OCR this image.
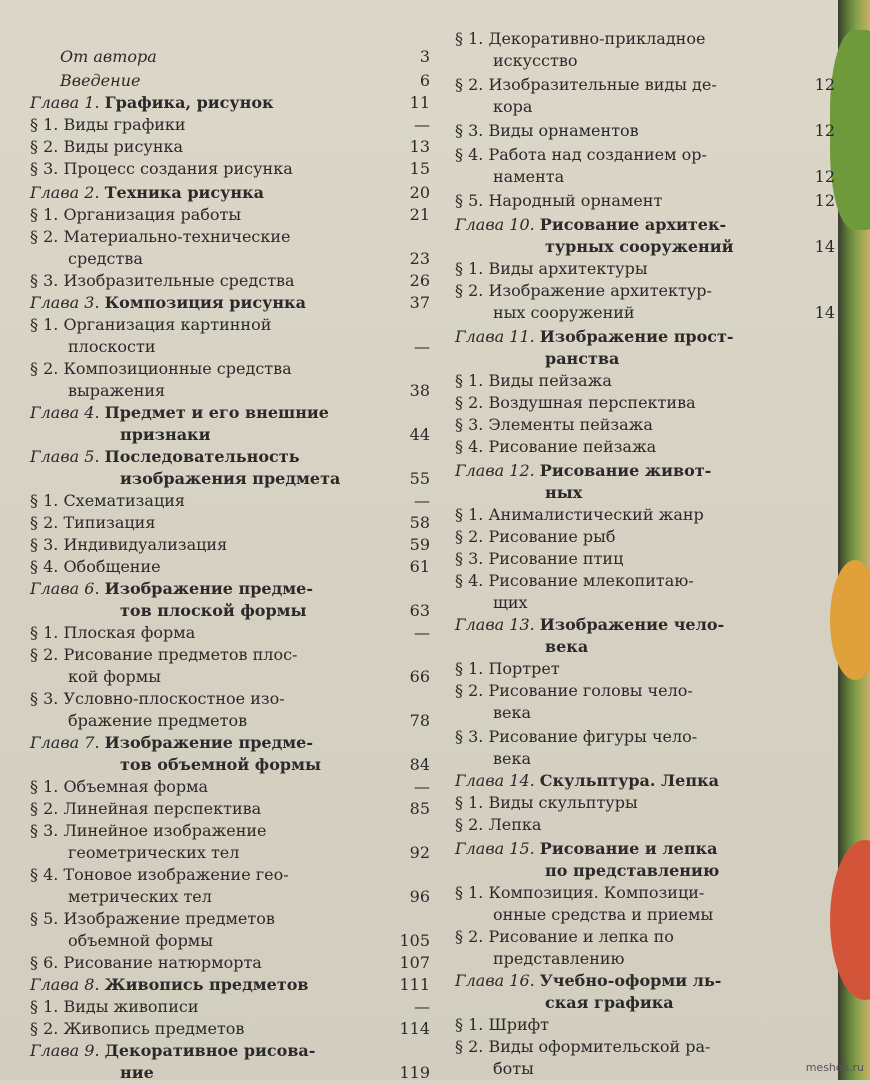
От автора	3
Введение	6
Глава 1. Графика, рисунок	11
§ 1. Виды графики	—
§ 2. Виды рисунка	13
§ 3. Процесс создания рисунка	15
Глава 2. Техника рисунка	20
§ 1. Организация работы	21
§ 2. Материально-технические
средства	23
§ 3. Изобразительные средства	26
Глава 3. Композиция рисунка	37
§ 1. Организация картинной
плоскости	—
§ 2. Композиционные средства
выражения	38
Глава 4. Предмет и его внешние
признаки	44
Глава 5. Последовательность
изображения предмета	55
§ 1. Схематизация	—
§ 2. Типизация	58
§ 3. Индивидуализация	59
§ 4. Обобщение	61
Глава 6. Изображение предме-
тов плоской формы	63
§ 1. Плоская форма	—
§ 2. Рисование предметов плос-
кой формы	66
§ 3. Условно-плоскостное изо-
бражение предметов	78
Глава 7. Изображение предме-
тов объемной формы	84
§ 1. Объемная форма	—
§ 2. Линейная перспектива	85
§ 3. Линейное изображение
геометрических тел	92
§ 4. Тоновое изображение гео-
метрических тел	96
§ 5. Изображение предметов
объемной формы	105
§ 6. Рисование натюрморта	107
Глава 8. Живопись предметов	111
§ 1. Виды живописи	—
§ 2. Живопись предметов	114
Глава 9. Декоративное рисова-
ние	119
§ 1. Декоративно-прикладное
искусство
§ 2. Изобразительные виды де-	12
кора
§ 3. Виды орнаментов	12
§ 4. Работа над созданием ор-
намента	12
§ 5. Народный орнамент	12
Глава 10. Рисование архитек-
турных сооружений	14
§ 1. Виды архитектуры
§ 2. Изображение архитектур-
ных сооружений	14
Глава 11. Изображение прост-
ранства
§ 1. Виды пейзажа
§ 2. Воздушная перспектива
§ 3. Элементы пейзажа
§ 4. Рисование пейзажа
Глава 12. Рисование живот-
ных
§ 1. Анималистический жанр
§ 2. Рисование рыб
§ 3. Рисование птиц
§ 4. Рисование млекопитаю-
щих
Глава 13. Изображение чело-
века
§ 1. Портрет
§ 2. Рисование головы чело-
века
§ 3. Рисование фигуры чело-
века
Глава 14. Скульптура. Лепка
§ 1. Виды скульптуры
§ 2. Лепка
Глава 15. Рисование и лепка
по представлению
§ 1. Композиция. Композици-
онные средства и приемы
§ 2. Рисование и лепка по
представлению
Глава 16. Учебно-оформи ль-
ская графика
§ 1. Шрифт
§ 2. Виды оформительской ра-
боты	meshok.ru
